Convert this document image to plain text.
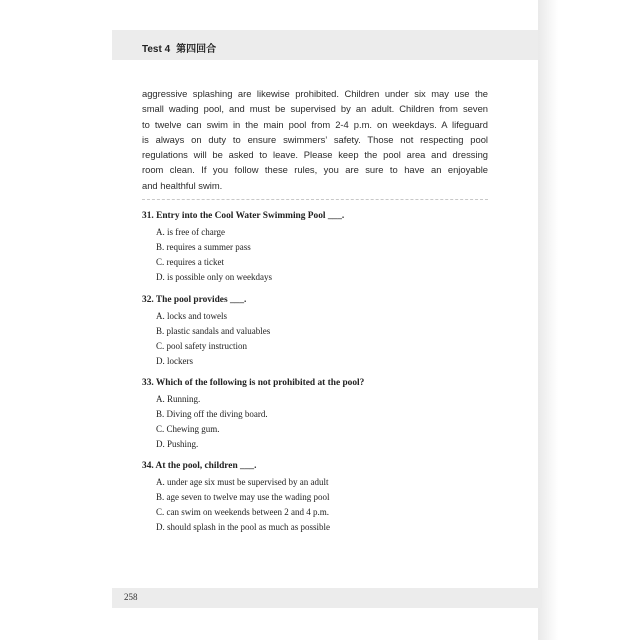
Test 4 第四回合
aggressive splashing are likewise prohibited. Children under six may use the
small wading pool, and must be supervised by an adult. Children from seven
to twelve can swim in the main pool from 2-4 p.m. on weekdays. A lifeguard
is always on duty to ensure swimmers’ safety. Those not respecting pool
regulations will be asked to leave. Please keep the pool area and dressing
room clean. If you follow these rules, you are sure to have an enjoyable
and healthful swim.
31. Entry into the Cool Water Swimming Pool ___.
A. is free of charge
B. requires a summer pass
C. requires a ticket
D. is possible only on weekdays
32. The pool provides ___.
A. locks and towels
B. plastic sandals and valuables
C. pool safety instruction
D. lockers
33. Which of the following is not prohibited at the pool?
A. Running.
B. Diving off the diving board.
C. Chewing gum.
D. Pushing.
34. At the pool, children ___.
A. under age six must be supervised by an adult
B. age seven to twelve may use the wading pool
C. can swim on weekends between 2 and 4 p.m.
D. should splash in the pool as much as possible
258
